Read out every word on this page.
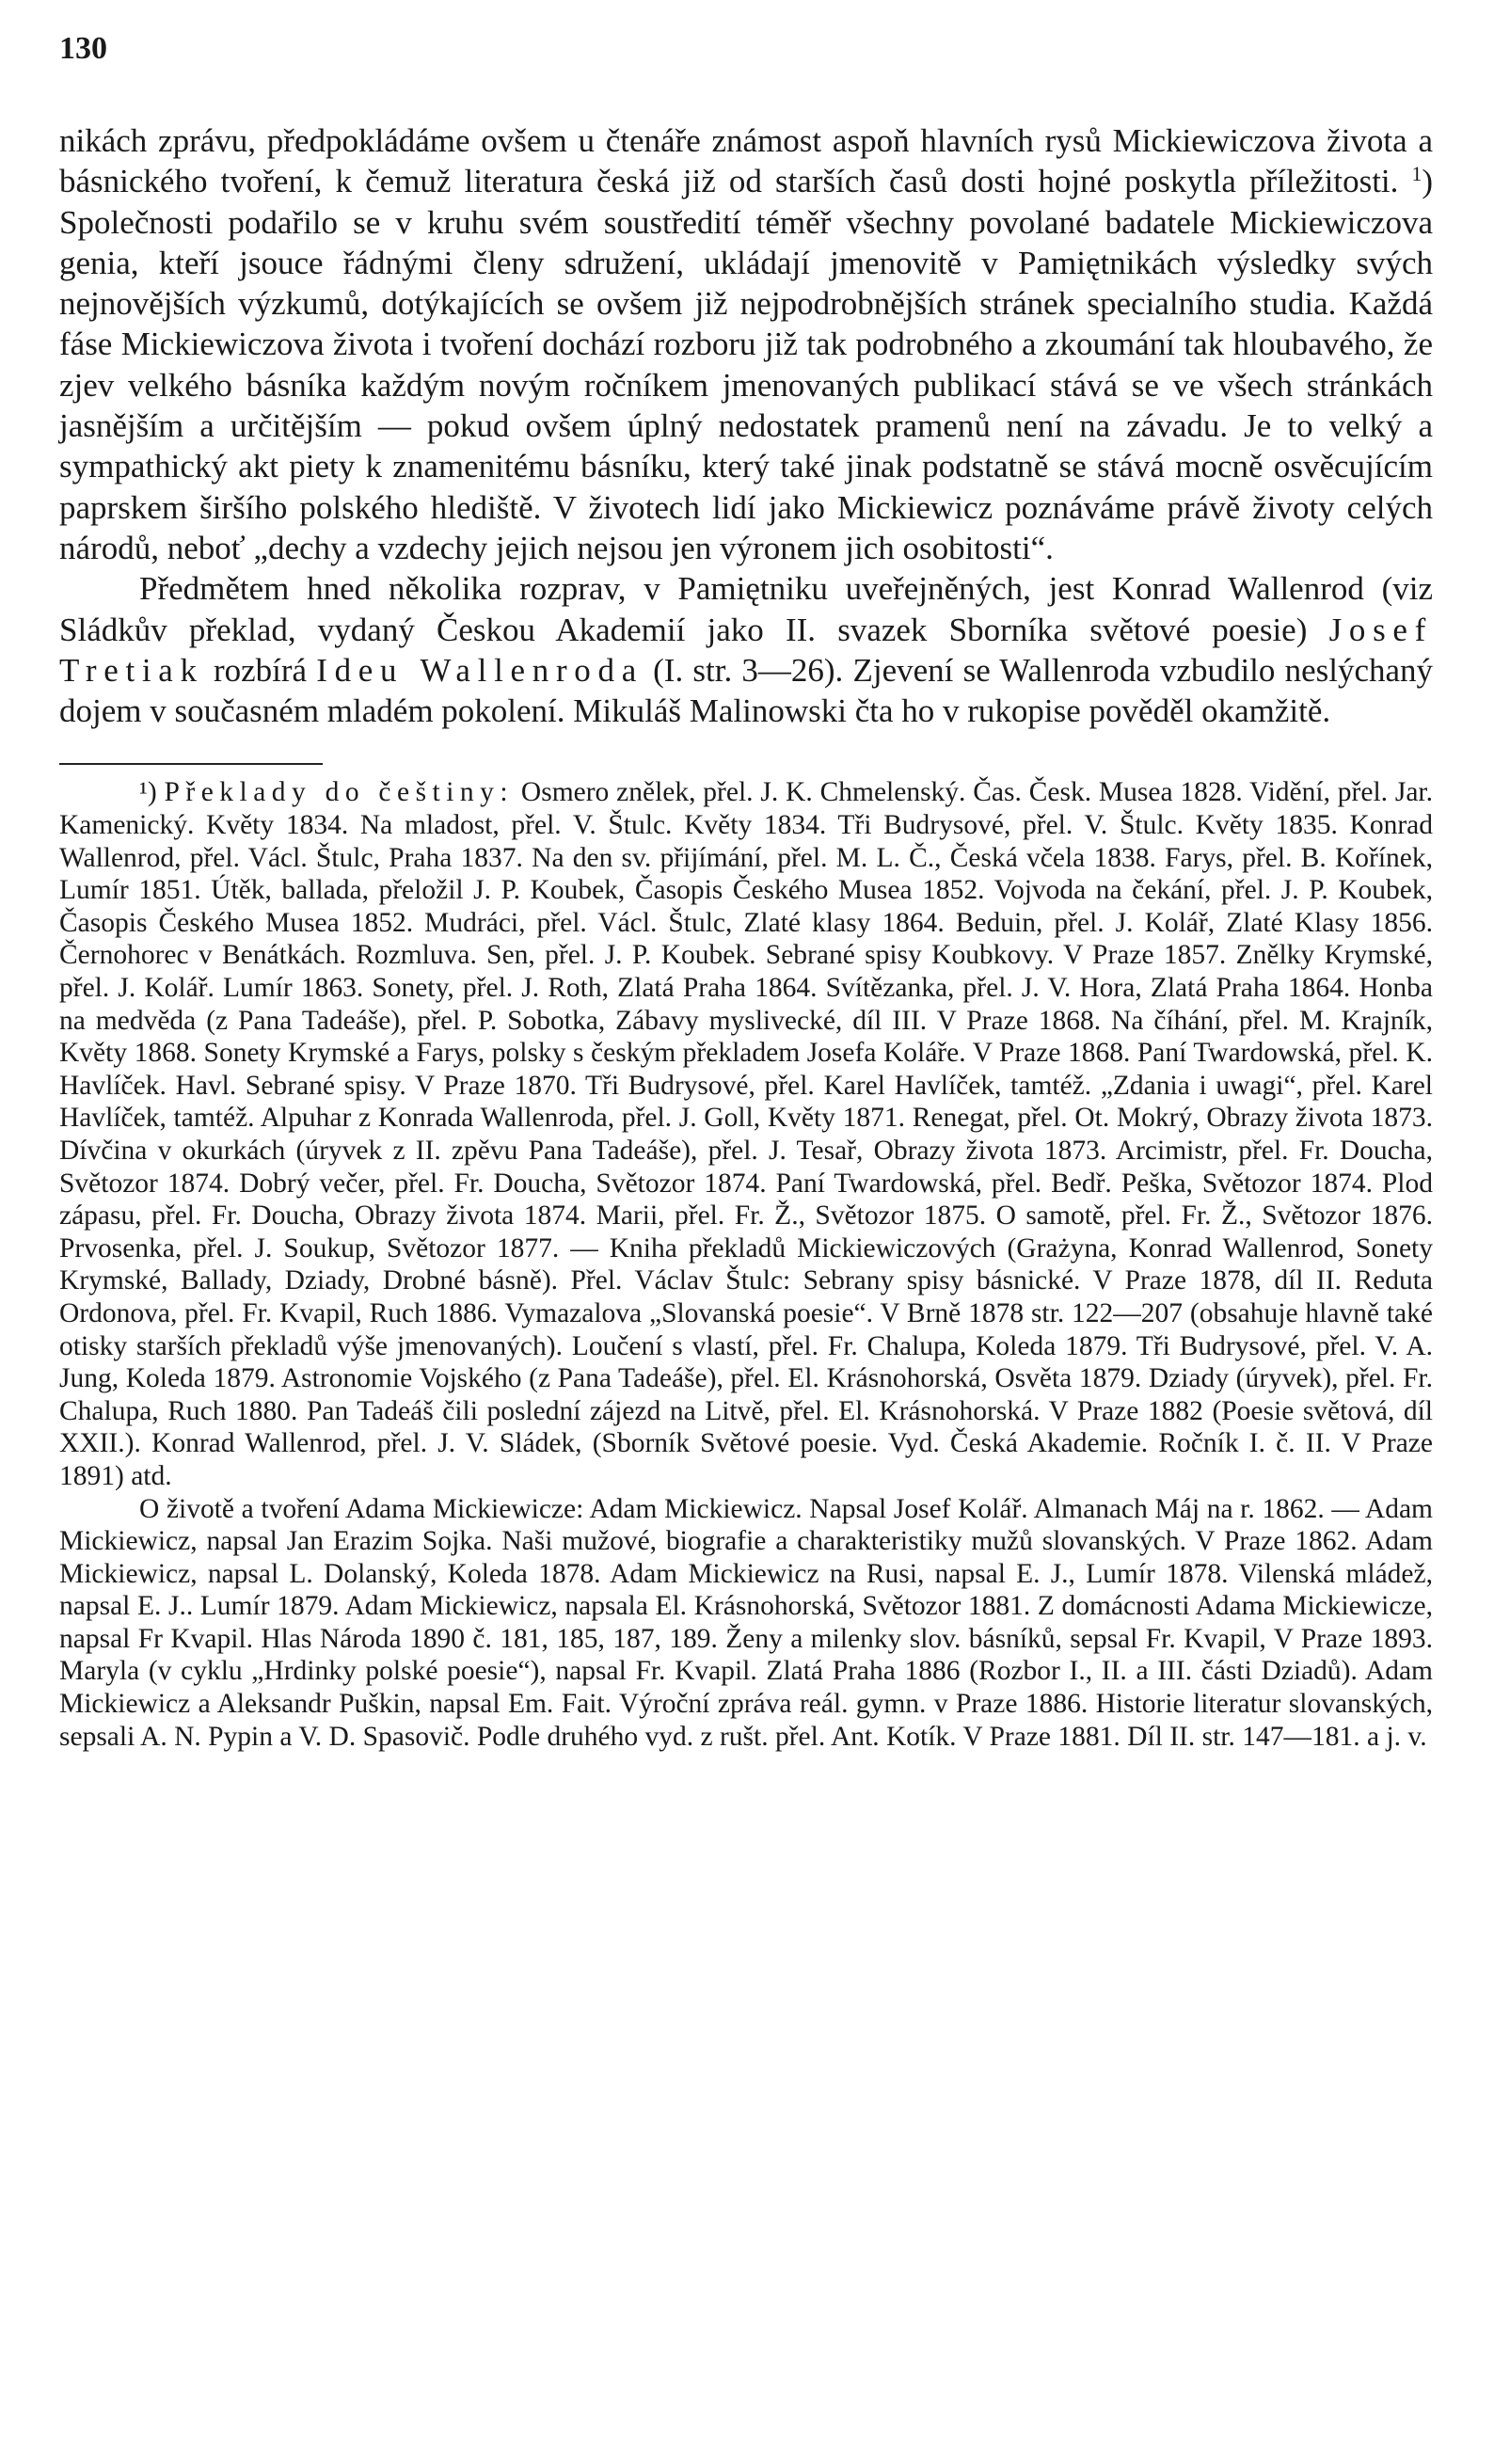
130

nikách zprávu, předpokládáme ovšem u čtenáře známost aspoň hlavních rysů Mickiewiczova života a básnického tvoření, k čemuž literatura česká již od starších časů dosti hojné poskytla příležitosti. $^1$) Společnosti podařilo se v kruhu svém soustředití téměř všechny povolané badatele Mickiewiczova genia, kteří jsouce řádnými členy sdružení, ukládají jmenovitě v Pamiętnikách výsledky svých nejnovějších výzkumů, dotýkajících se ovšem již nejpodrobnějších stránek specialního studia. Každá fáse Mickiewiczova života i tvoření dochází rozboru již tak podrobného a zkoumání tak hloubavého, že zjev velkého básníka každým novým ročníkem jmenovaných publikací stává se ve všech stránkách jasnějším a určitějším — pokud ovšem úplný nedostatek pramenů není na závadu. Je to velký a sympathický akt piety k znamenitému básníku, který také jinak podstatně se stává mocně osvěcujícím paprskem širšího polského hlediště. V životech lidí jako Mickiewicz poznáváme právě životy celých národů, neboť „dechy a vzdechy jejich nejsou jen výronem jich osobitosti“.

Předmětem hned několika rozprav, v Pamiętniku uveřejněných, jest Konrad Wallenrod (viz Sládkův překlad, vydaný Českou Akademií jako II. svazek Sborníka světové poesie) Josef Tretiak rozbírá Ideu Wallenroda (I. str. 3—26). Zjevení se Wallenroda vzbudilo neslýchaný dojem v současném mladém pokolení. Mikuláš Malinowski čta ho v rukopise pověděl okamžitě.

¹) Překlady do češtiny: Osmero znělek, přel. J. K. Chmelenský. Čas. Česk. Musea 1828. Vidění, přel. Jar. Kamenický. Květy 1834. Na mladost, přel. V. Štulc. Květy 1834. Tři Budrysové, přel. V. Štulc. Květy 1835. Konrad Wallenrod, přel. Václ. Štulc, Praha 1837. Na den sv. přijímání, přel. M. L. Č., Česká včela 1838. Farys, přel. B. Kořínek, Lumír 1851. Útěk, ballada, přeložil J. P. Koubek, Časopis Českého Musea 1852. Vojvoda na čekání, přel. J. P. Koubek, Časopis Českého Musea 1852. Mudráci, přel. Václ. Štulc, Zlaté klasy 1864. Beduin, přel. J. Kolář, Zlaté Klasy 1856. Černohorec v Benátkách. Rozmluva. Sen, přel. J. P. Koubek. Sebrané spisy Koubkovy. V Praze 1857. Znělky Krymské, přel. J. Kolář. Lumír 1863. Sonety, přel. J. Roth, Zlatá Praha 1864. Svítězanka, přel. J. V. Hora, Zlatá Praha 1864. Honba na medvěda (z Pana Tadeáše), přel. P. Sobotka, Zábavy myslivecké, díl III. V Praze 1868. Na číhání, přel. M. Krajník, Květy 1868. Sonety Krymské a Farys, polsky s českým překladem Josefa Koláře. V Praze 1868. Paní Twardowská, přel. K. Havlíček. Havl. Sebrané spisy. V Praze 1870. Tři Budrysové, přel. Karel Havlíček, tamtéž. „Zdania i uwagi“, přel. Karel Havlíček, tamtéž. Alpuhar z Konrada Wallenroda, přel. J. Goll, Květy 1871. Renegat, přel. Ot. Mokrý, Obrazy života 1873. Dívčina v okurkách (úryvek z II. zpěvu Pana Tadeáše), přel. J. Tesař, Obrazy života 1873. Arcimistr, přel. Fr. Doucha, Světozor 1874. Dobrý večer, přel. Fr. Doucha, Světozor 1874. Paní Twardowská, přel. Bedř. Peška, Světozor 1874. Plod zápasu, přel. Fr. Doucha, Obrazy života 1874. Marii, přel. Fr. Ž., Světozor 1875. O samotě, přel. Fr. Ž., Světozor 1876. Prvosenka, přel. J. Soukup, Světozor 1877. — Kniha překladů Mickiewiczových (Grażyna, Konrad Wallenrod, Sonety Krymské, Ballady, Dziady, Drobné básně). Přel. Václav Štulc: Sebrany spisy básnické. V Praze 1878, díl II. Reduta Ordonova, přel. Fr. Kvapil, Ruch 1886. Vymazalova „Slovanská poesie“. V Brně 1878 str. 122—207 (obsahuje hlavně také otisky starších překladů výše jmenovaných). Loučení s vlastí, přel. Fr. Chalupa, Koleda 1879. Tři Budrysové, přel. V. A. Jung, Koleda 1879. Astronomie Vojského (z Pana Tadeáše), přel. El. Krásnohorská, Osvěta 1879. Dziady (úryvek), přel. Fr. Chalupa, Ruch 1880. Pan Tadeáš čili poslední zájezd na Litvě, přel. El. Krásnohorská. V Praze 1882 (Poesie světová, díl XXII.). Konrad Wallenrod, přel. J. V. Sládek, (Sborník Světové poesie. Vyd. Česká Akademie. Ročník I. č. II. V Praze 1891) atd.

O životě a tvoření Adama Mickiewicze: Adam Mickiewicz. Napsal Josef Kolář. Almanach Máj na r. 1862. — Adam Mickiewicz, napsal Jan Erazim Sojka. Naši mužové, biografie a charakteristiky mužů slovanských. V Praze 1862. Adam Mickiewicz, napsal L. Dolanský, Koleda 1878. Adam Mickiewicz na Rusi, napsal E. J., Lumír 1878. Vilenská mládež, napsal E. J.. Lumír 1879. Adam Mickiewicz, napsala El. Krásnohorská, Světozor 1881. Z domácnosti Adama Mickiewicze, napsal Fr Kvapil. Hlas Národa 1890 č. 181, 185, 187, 189. Ženy a milenky slov. básníků, sepsal Fr. Kvapil, V Praze 1893. Maryla (v cyklu „Hrdinky polské poesie“), napsal Fr. Kvapil. Zlatá Praha 1886 (Rozbor I., II. a III. části Dziadů). Adam Mickiewicz a Aleksandr Puškin, napsal Em. Fait. Výroční zpráva reál. gymn. v Praze 1886. Historie literatur slovanských, sepsali A. N. Pypin a V. D. Spasovič. Podle druhého vyd. z rušt. přel. Ant. Kotík. V Praze 1881. Díl II. str. 147—181. a j. v.
